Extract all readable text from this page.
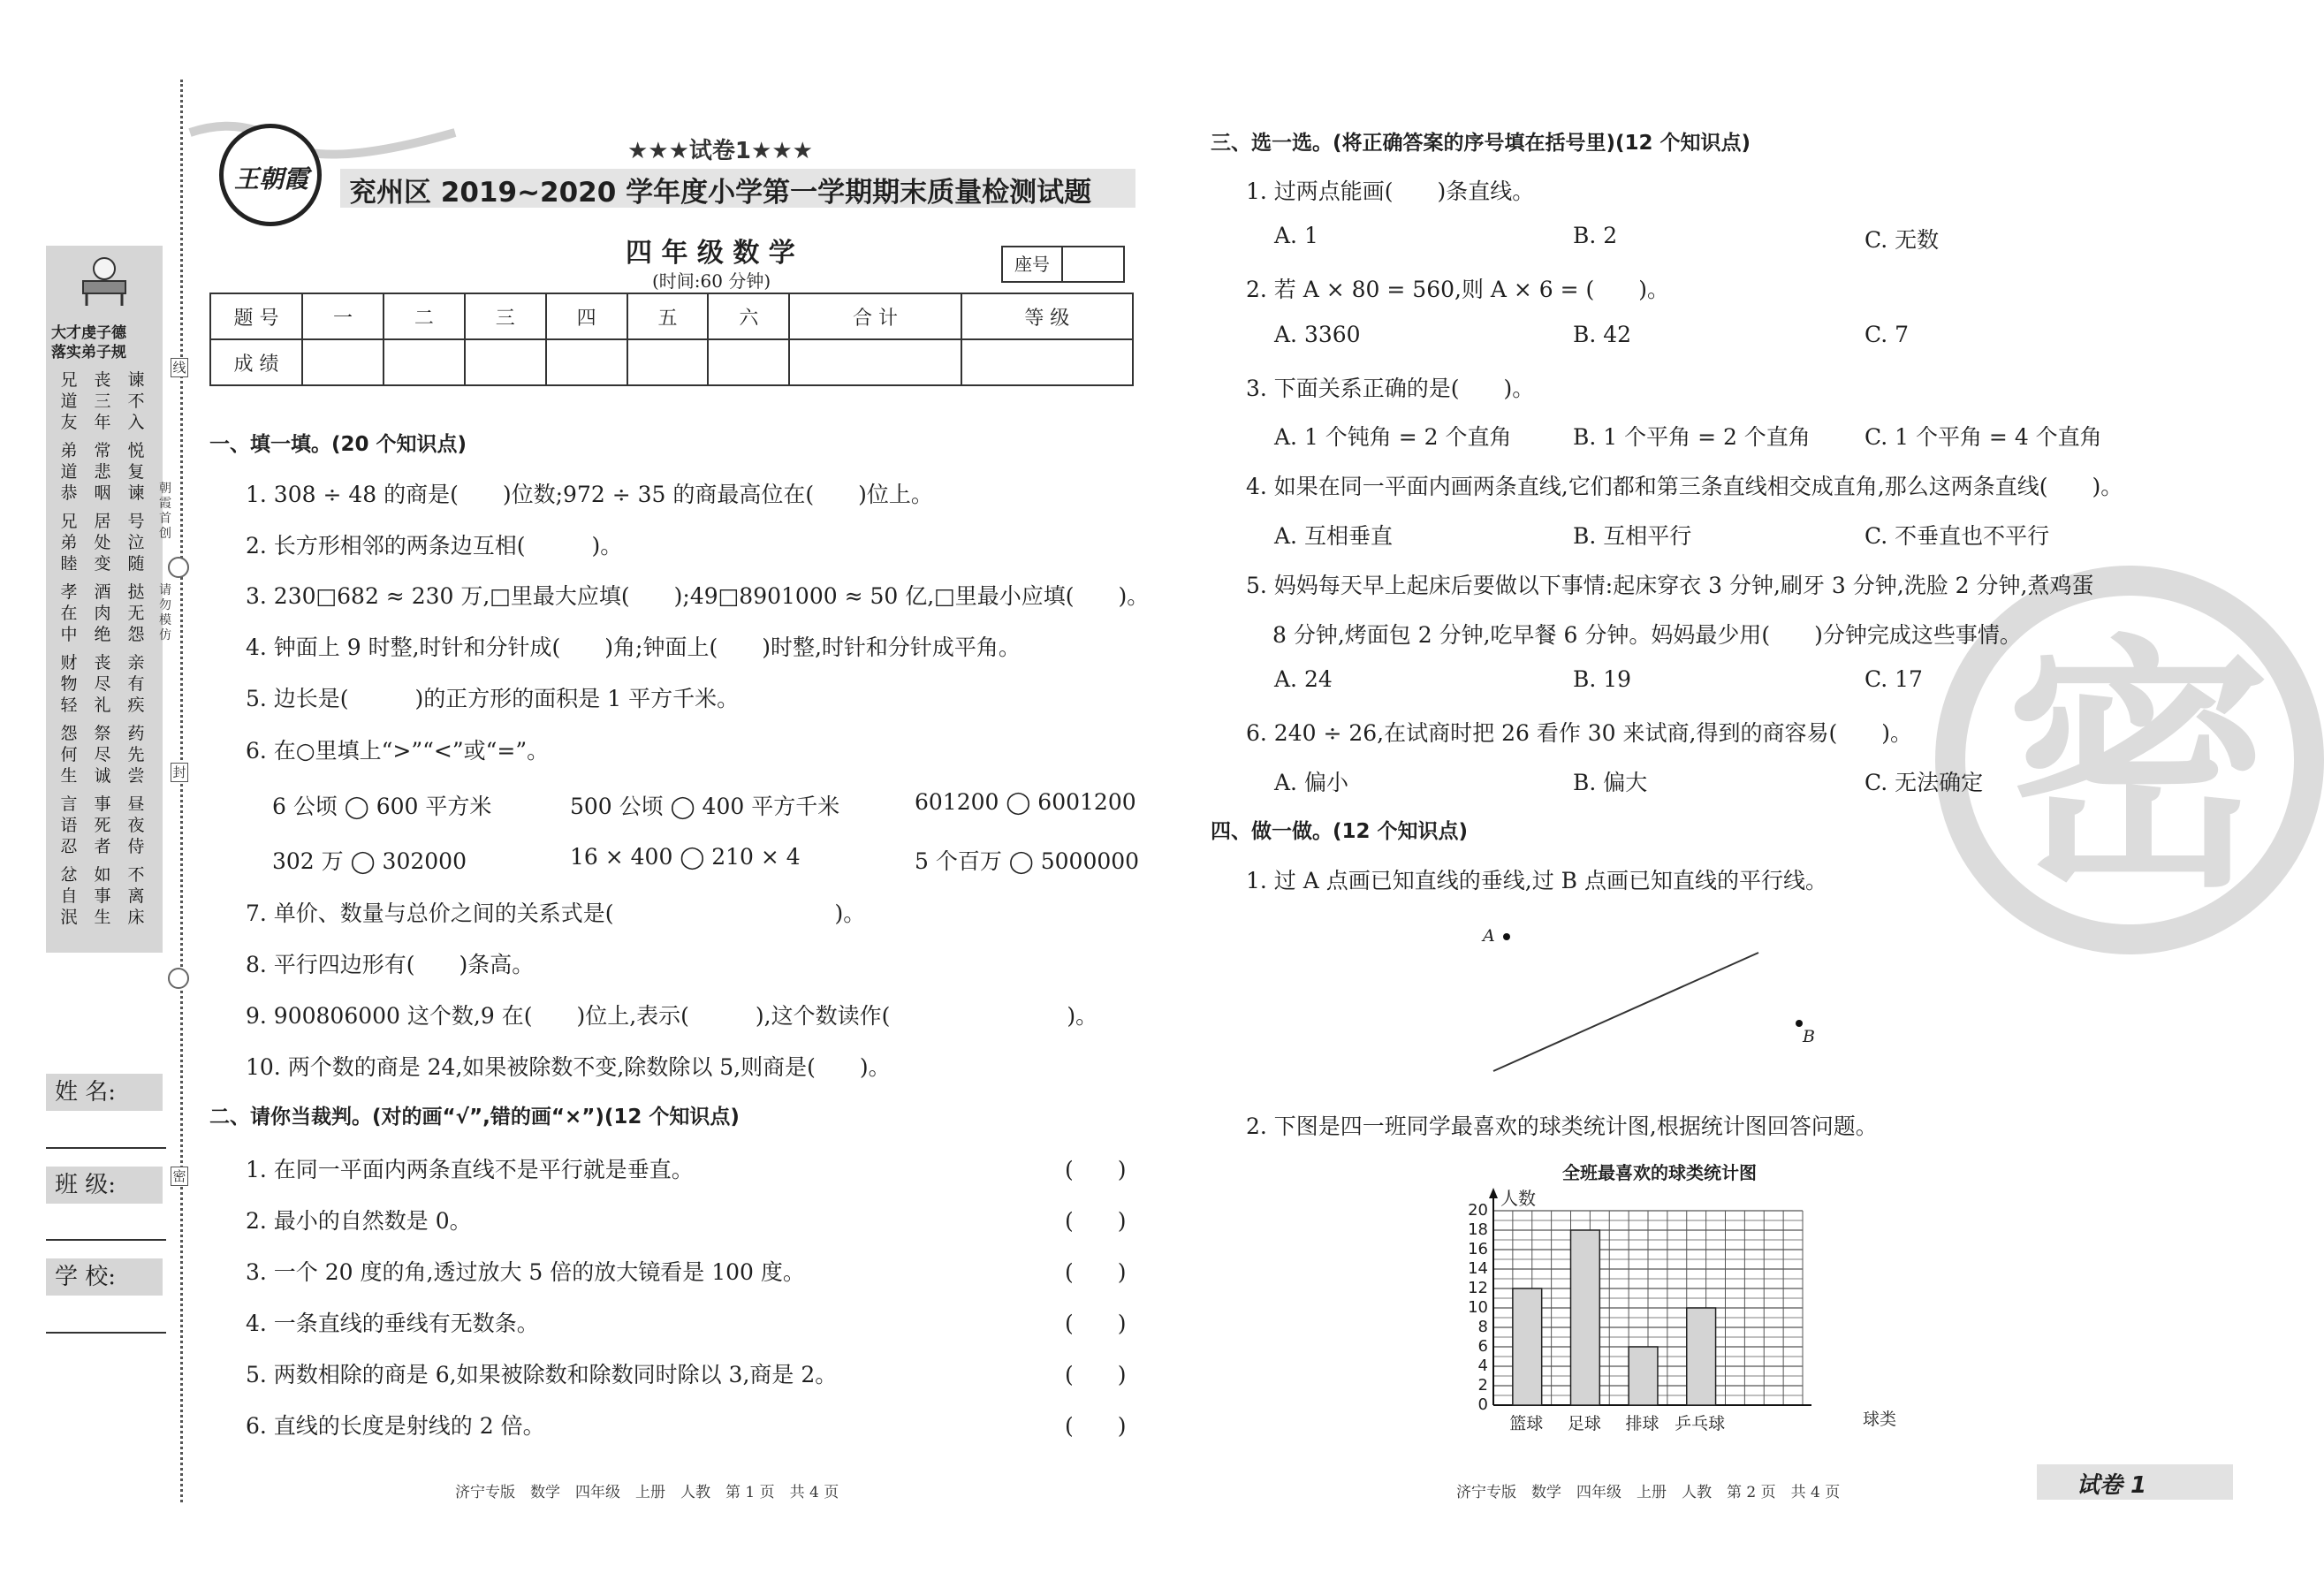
大才虔子德
落实弟子规
兄道友
弟道恭
兄弟睦
孝在中
财物轻
怨何生
言语忍
忿自泯
丧三年
常悲咽
居处变
酒肉绝
丧尽礼
祭尽诚
事死者
如事生
谏不入
悦复谏
号泣随
挞无怨
亲有疾
药先尝
昼夜侍
不离床
线
封
密
朝霞首创
请勿模仿
姓 名:
班 级:
学 校:
王朝霞
★★★试卷1★★★
兖州区 2019~2020 学年度小学第一学期期末质量检测试题
四 年 级 数 学
(时间:60 分钟)
座号
题 号	一	二	三	四	五	六	合 计	等 级
成 绩								
一、填一填。(20 个知识点)
1. 308 ÷ 48 的商是(　　)位数;972 ÷ 35 的商最高位在(　　)位上。
2. 长方形相邻的两条边互相(　　　)。
3. 230□682 ≈ 230 万,□里最大应填(　　);49□8901000 ≈ 50 亿,□里最小应填(　　)。
4. 钟面上 9 时整,时针和分针成(　　)角;钟面上(　　)时整,时针和分针成平角。
5. 边长是(　　　)的正方形的面积是 1 平方千米。
6. 在○里填上“>”“<”或“=”。
6 公顷 ◯ 600 平方米	500 公顷 ◯ 400 平方千米	601200 ◯ 6001200
302 万 ◯ 302000	16 × 400 ◯ 210 × 4	5 个百万 ◯ 5000000
7. 单价、数量与总价之间的关系式是(　　　　　　　　　　)。
8. 平行四边形有(　　)条高。
9. 900806000 这个数,9 在(　　)位上,表示(　　　),这个数读作(　　　　　　　　)。
10. 两个数的商是 24,如果被除数不变,除数除以 5,则商是(　　)。
二、请你当裁判。(对的画“√”,错的画“×”)(12 个知识点)
1. 在同一平面内两条直线不是平行就是垂直。	(　　)
2. 最小的自然数是 0。	(　　)
3. 一个 20 度的角,透过放大 5 倍的放大镜看是 100 度。	(　　)
4. 一条直线的垂线有无数条。	(　　)
5. 两数相除的商是 6,如果被除数和除数同时除以 3,商是 2。	(　　)
6. 直线的长度是射线的 2 倍。	(　　)
济宁专版　数学　四年级　上册　人教　第 1 页　共 4 页
密
三、选一选。(将正确答案的序号填在括号里)(12 个知识点)
1. 过两点能画(　　)条直线。
A. 1	B. 2	C. 无数
2. 若 A × 80 = 560,则 A × 6 = (　　)。
A. 3360	B. 42	C. 7
3. 下面关系正确的是(　　)。
A. 1 个钝角 = 2 个直角	B. 1 个平角 = 2 个直角 C. 1 个平角 = 4 个直角
4. 如果在同一平面内画两条直线,它们都和第三条直线相交成直角,那么这两条直线(　　)。
A. 互相垂直	B. 互相平行	C. 不垂直也不平行
5. 妈妈每天早上起床后要做以下事情:起床穿衣 3 分钟,刷牙 3 分钟,洗脸 2 分钟,煮鸡蛋
8 分钟,烤面包 2 分钟,吃早餐 6 分钟。妈妈最少用(　　)分钟完成这些事情。
A. 24	B. 19	C. 17
6. 240 ÷ 26,在试商时把 26 看作 30 来试商,得到的商容易(　　)。
A. 偏小	B. 偏大	C. 无法确定
四、做一做。(12 个知识点)
1. 过 A 点画已知直线的垂线,过 B 点画已知直线的平行线。
A
B
2. 下图是四一班同学最喜欢的球类统计图,根据统计图回答问题。
全班最喜欢的球类统计图
人数
球类
0
2
4
6
8
10
12
14
16
18
20
篮球 足球 排球 乒乓球
济宁专版　数学　四年级　上册　人教　第 2 页　共 4 页	试卷 1
